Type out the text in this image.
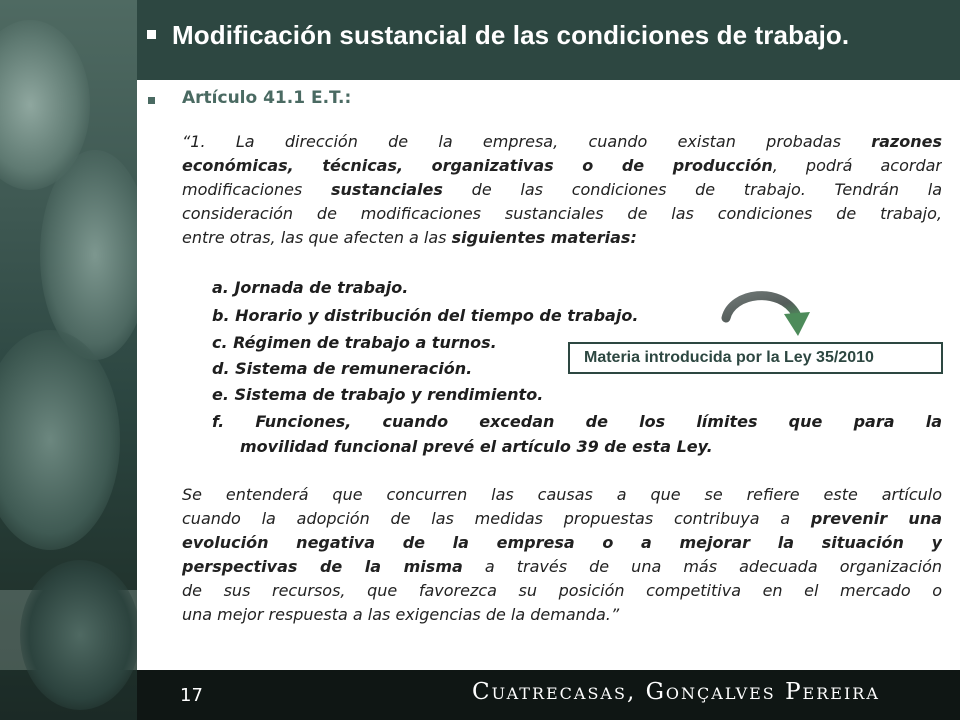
Modificación sustancial de las condiciones de trabajo.
Artículo 41.1 E.T.:
“1. La dirección de la empresa, cuando existan probadas razones
económicas, técnicas, organizativas o de producción, podrá acordar
modificaciones sustanciales de las condiciones de trabajo. Tendrán la
consideración de modificaciones sustanciales de las condiciones de trabajo,
entre otras, las que afecten a las siguientes materias:
a. Jornada de trabajo.
b. Horario y distribución del tiempo de trabajo.
c. Régimen de trabajo a turnos.
d. Sistema de remuneración.
e. Sistema de trabajo y rendimiento.
f. Funciones, cuando excedan de los límites que para la
movilidad funcional prevé el artículo 39 de esta Ley.
Materia introducida por la Ley 35/2010
Se entenderá que concurren las causas a que se refiere este artículo
cuando la adopción de las medidas propuestas contribuya a prevenir una
evolución negativa de la empresa o a mejorar la situación y
perspectivas de la misma a través de una más adecuada organización
de sus recursos, que favorezca su posición competitiva en el mercado o
una mejor respuesta a las exigencias de la demanda.”
17	Cuatrecasas, Gonçalves Pereira
